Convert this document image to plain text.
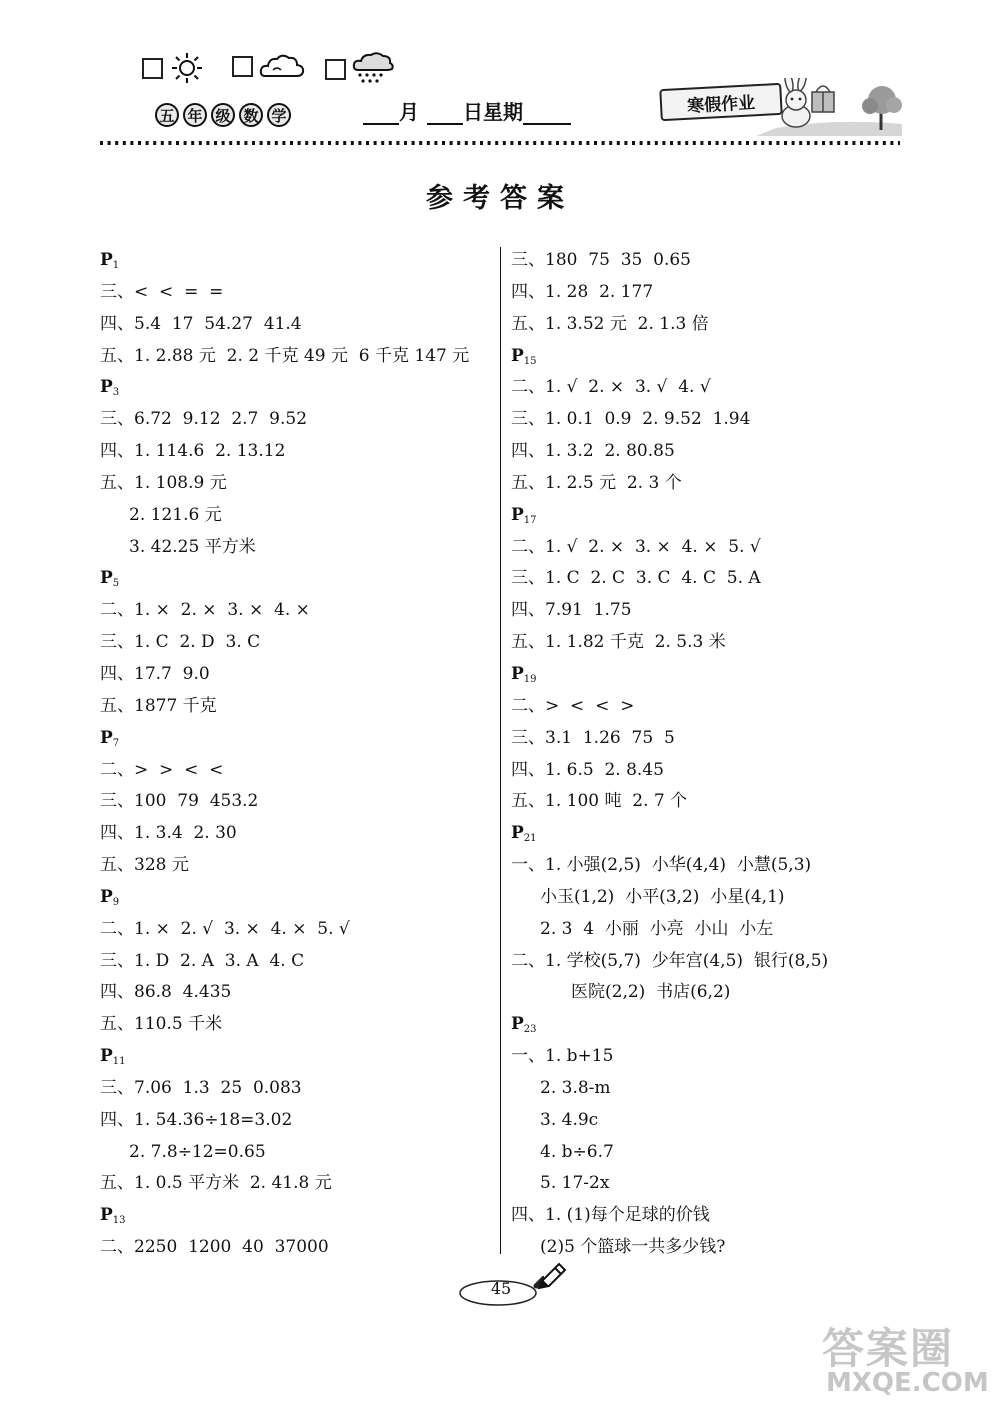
五 年 级 数 学	月 日星期	寒假作业
参考答案
$P_1$
三、<  <  =  =
四、5.4  17  54.27  41.4
五、1. 2.88 元  2. 2 千克 49 元  6 千克 147 元
$P_3$
三、6.72  9.12  2.7  9.52
四、1. 114.6  2. 13.12
五、1. 108.9 元
2. 121.6 元
3. 42.25 平方米
$P_5$
二、1. ×  2. ×  3. ×  4. ×
三、1. C  2. D  3. C
四、17.7  9.0
五、1877 千克
$P_7$
二、>  >  <  <
三、100  79  453.2
四、1. 3.4  2. 30
五、328 元
$P_9$
二、1. ×  2. √  3. ×  4. ×  5. √
三、1. D  2. A  3. A  4. C
四、86.8  4.435
五、110.5 千米
$P_{11}$
三、7.06  1.3  25  0.083
四、1. 54.36÷18=3.02
2. 7.8÷12=0.65
五、1. 0.5 平方米  2. 41.8 元
$P_{13}$
二、2250  1200  40  37000
三、180  75  35  0.65
四、1. 28  2. 177
五、1. 3.52 元  2. 1.3 倍
$P_{15}$
二、1. √  2. ×  3. √  4. √
三、1. 0.1  0.9  2. 9.52  1.94
四、1. 3.2  2. 80.85
五、1. 2.5 元  2. 3 个
$P_{17}$
二、1. √  2. ×  3. ×  4. ×  5. √
三、1. C  2. C  3. C  4. C  5. A
四、7.91  1.75
五、1. 1.82 千克  2. 5.3 米
$P_{19}$
二、>  <  <  >
三、3.1  1.26  75  5
四、1. 6.5  2. 8.45
五、1. 100 吨  2. 7 个
$P_{21}$
一、1. 小强(2,5)  小华(4,4)  小慧(5,3)
小玉(1,2)  小平(3,2)  小星(4,1)
2. 3  4  小丽  小亮  小山  小左
二、1. 学校(5,7)  少年宫(4,5)  银行(8,5)
医院(2,2)  书店(6,2)
$P_{23}$
一、1. b+15
2. 3.8-m
3. 4.9c
4. b÷6.7
5. 17-2x
四、1. (1)每个足球的价钱
(2)5 个篮球一共多少钱?
45
答案圈
MXQE.COM
